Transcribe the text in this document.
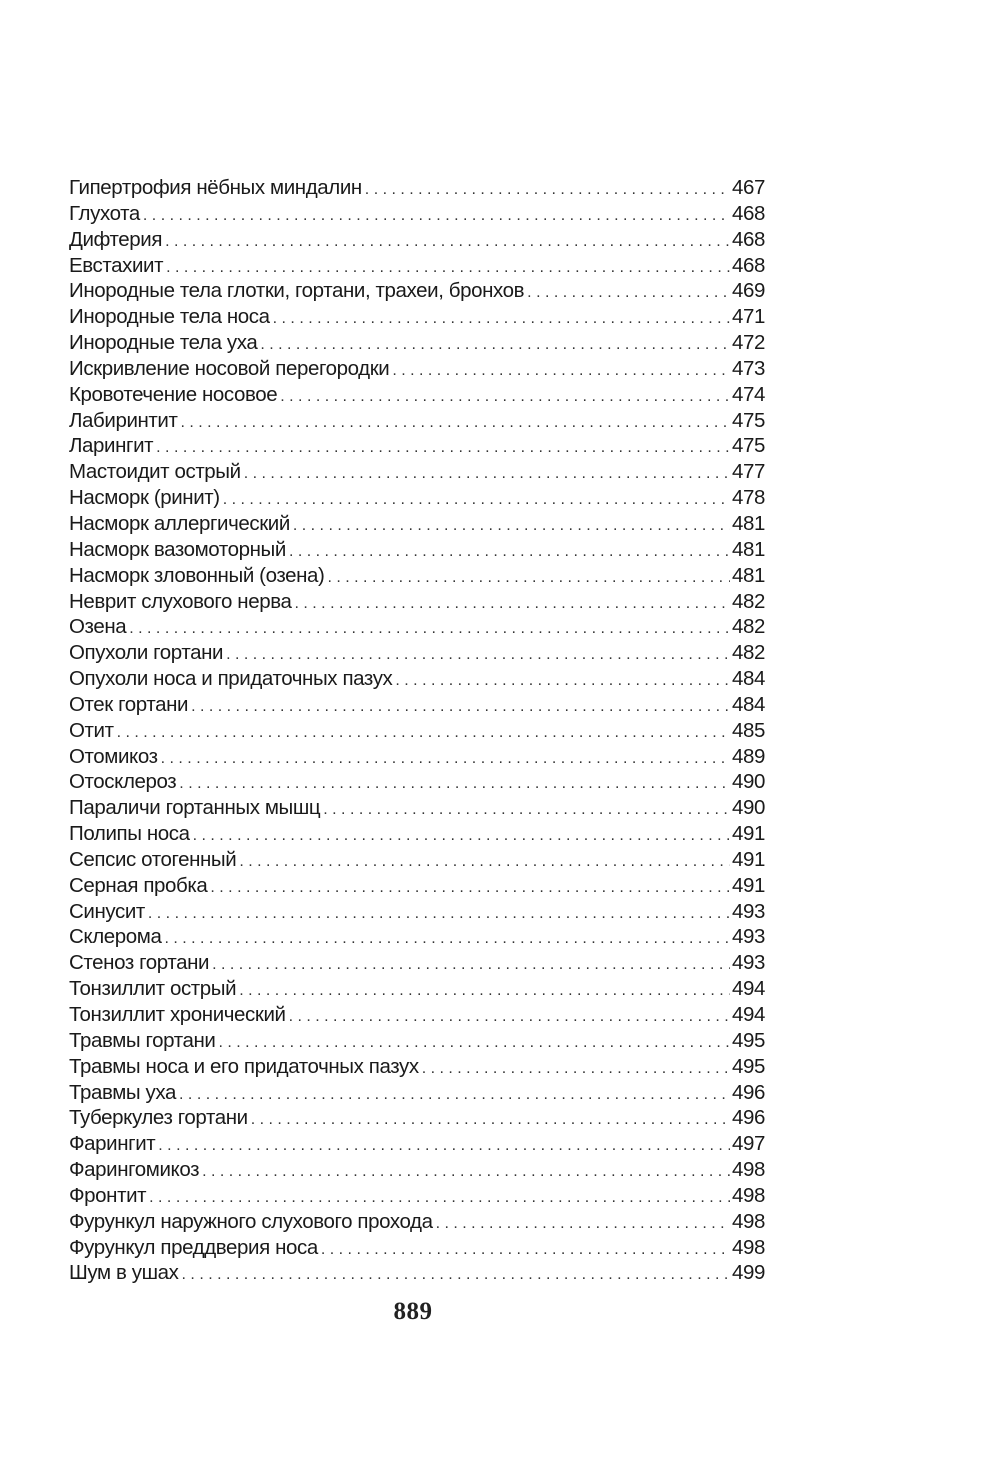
Гипертрофия нёбных миндалин . . .	467
Глухота . . .	468
Дифтерия . . .	468
Евстахиит . . .	468
Инородные тела глотки, гортани, трахеи, бронхов . . .	469
Инородные тела носа . . .	471
Инородные тела уха . . .	472
Искривление носовой перегородки . . .	473
Кровотечение носовое . . .	474
Лабиринтит . . .	475
Ларингит . . .	475
Мастоидит острый . . .	477
Насморк (ринит) . . .	478
Насморк аллергический . . .	481
Насморк вазомоторный . . .	481
Насморк зловонный (озена) . . .	481
Неврит слухового нерва . . .	482
Озена . . .	482
Опухоли гортани . . .	482
Опухоли носа и придаточных пазух . . .	484
Отек гортани . . .	484
Отит . . .	485
Отомикоз . . .	489
Отосклероз . . .	490
Параличи гортанных мышц . . .	490
Полипы носа . . .	491
Сепсис отогенный . . .	491
Серная пробка . . .	491
Синусит . . .	493
Склерома . . .	493
Стеноз гортани . . .	493
Тонзиллит острый . . .	494
Тонзиллит хронический . . .	494
Травмы гортани . . .	495
Травмы носа и его придаточных пазух . . .	495
Травмы уха . . .	496
Туберкулез гортани . . .	496
Фарингит . . .	497
Фарингомикоз . . .	498
Фронтит . . .	498
Фурункул наружного слухового прохода . . .	498
Фурункул преддверия носа . . .	498
Шум в ушах . . .	499
889
